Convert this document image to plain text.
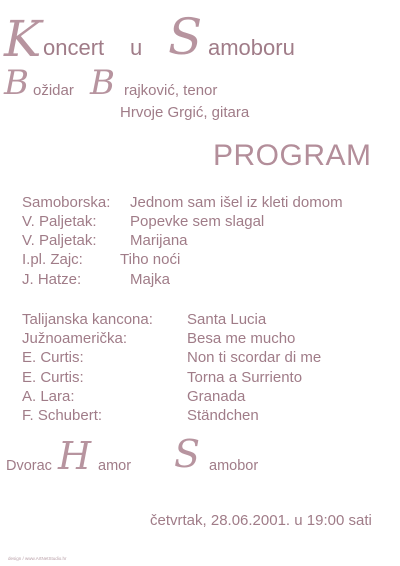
K oncert u S amoboru
B ožidar B rajković, tenor
Hrvoje Grgić, gitara
PROGRAM
Samoborska: Jednom sam išel iz kleti domom
V. Paljetak: Popevke sem slagal
V. Paljetak: Marijana
I.pl. Zajc: Tiho noći
J. Hatze:	Majka
Talijanska kancona: Santa Lucia
Južnoamerička:	Besa me mucho
E. Curtis:	Non ti scordar di me
E. Curtis:	Torna a Surriento
A. Lara:	Granada
F. Schubert:	Ständchen
Dvorac H amor S amobor
četvrtak, 28.06.2001. u 19:00 sati
design / www.ArtNetStudio.hr
